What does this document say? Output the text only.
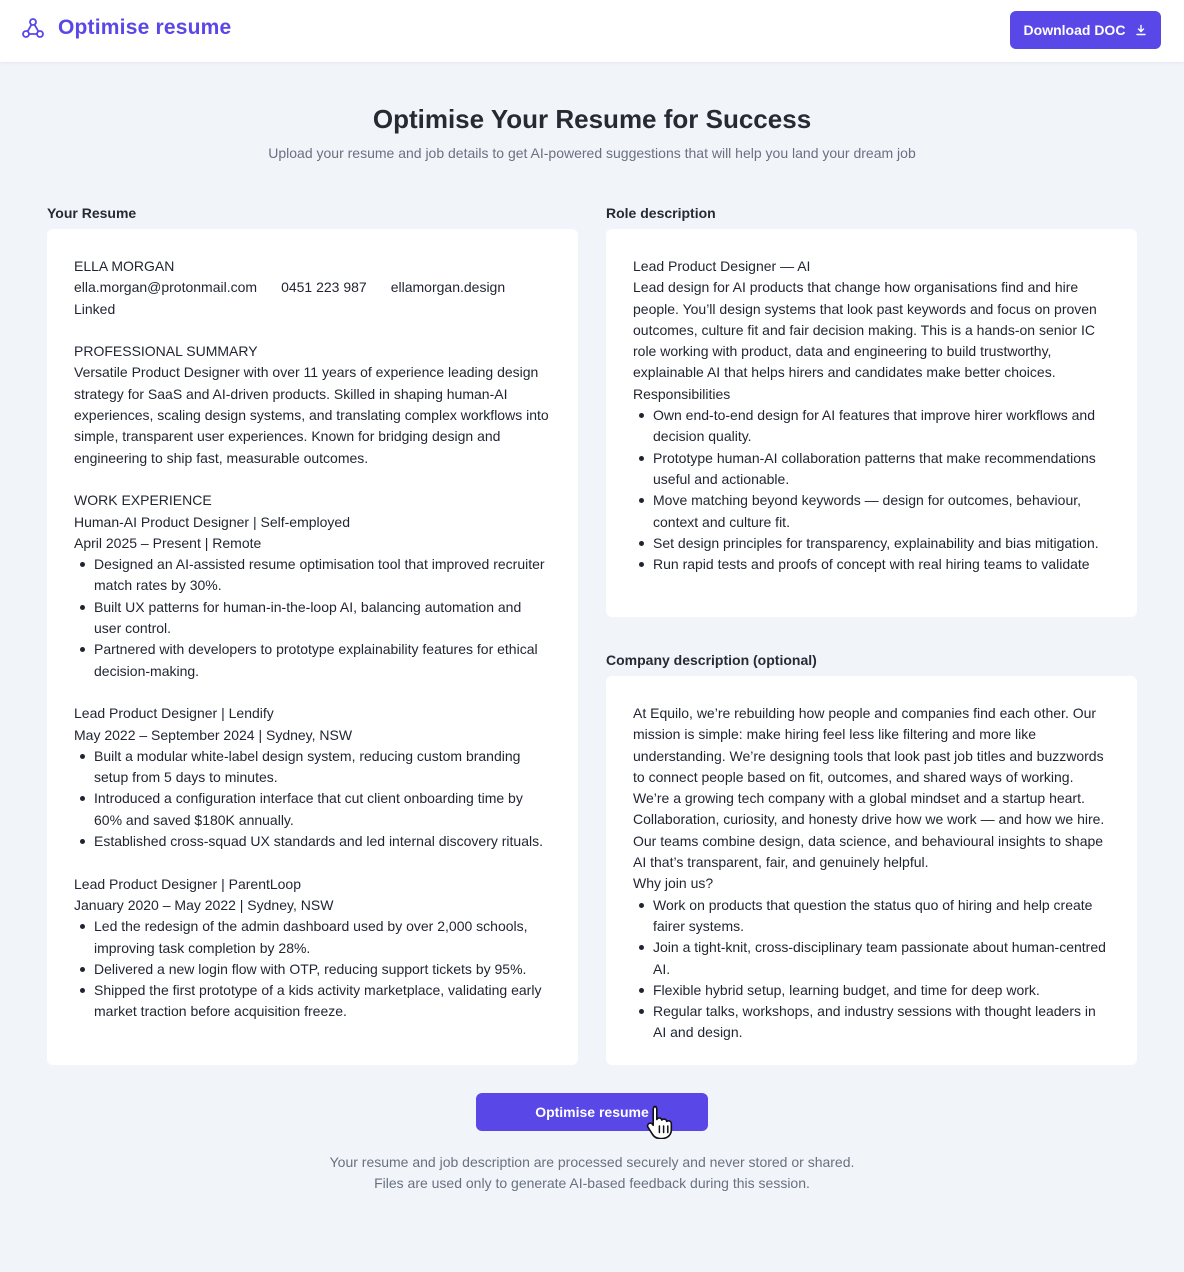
Optimise resume	Download DOC
Optimise Your Resume for Success

Upload your resume and job details to get AI-powered suggestions that will help you land your dream job

Your Resume

ELLA MORGAN

ella.morgan@protonmail.com 0451 223 987 ellamorgan.design

Linked

PROFESSIONAL SUMMARY

Versatile Product Designer with over 11 years of experience leading design strategy for SaaS and AI-driven products. Skilled in shaping human-AI experiences, scaling design systems, and translating complex workflows into simple, transparent user experiences. Known for bridging design and engineering to ship fast, measurable outcomes.

WORK EXPERIENCE

Human-AI Product Designer | Self-employed

April 2025 – Present | Remote

Designed an AI-assisted resume optimisation tool that improved recruiter match rates by 30%.
Built UX patterns for human-in-the-loop AI, balancing automation and user control.
Partnered with developers to prototype explainability features for ethical decision-making.

Lead Product Designer | Lendify

May 2022 – September 2024 | Sydney, NSW

Built a modular white-label design system, reducing custom branding setup from 5 days to minutes.
Introduced a configuration interface that cut client onboarding time by 60% and saved $180K annually.
Established cross-squad UX standards and led internal discovery rituals.

Lead Product Designer | ParentLoop

January 2020 – May 2022 | Sydney, NSW

Led the redesign of the admin dashboard used by over 2,000 schools, improving task completion by 28%.
Delivered a new login flow with OTP, reducing support tickets by 95%.
Shipped the first prototype of a kids activity marketplace, validating early market traction before acquisition freeze.
Role description

Lead Product Designer — AI

Lead design for AI products that change how organisations find and hire people. You’ll design systems that look past keywords and focus on proven outcomes, culture fit and fair decision making. This is a hands-on senior IC role working with product, data and engineering to build trustworthy, explainable AI that helps hirers and candidates make better choices.

Responsibilities

Own end-to-end design for AI features that improve hirer workflows and decision quality.
Prototype human-AI collaboration patterns that make recommendations useful and actionable.
Move matching beyond keywords — design for outcomes, behaviour, context and culture fit.
Set design principles for transparency, explainability and bias mitigation.
Run rapid tests and proofs of concept with real hiring teams to validate
Company description (optional)

At Equilo, we’re rebuilding how people and companies find each other. Our mission is simple: make hiring feel less like filtering and more like understanding. We’re designing tools that look past job titles and buzzwords to connect people based on fit, outcomes, and shared ways of working.

We’re a growing tech company with a global mindset and a startup heart. Collaboration, curiosity, and honesty drive how we work — and how we hire. Our teams combine design, data science, and behavioural insights to shape AI that’s transparent, fair, and genuinely helpful.

Why join us?

Work on products that question the status quo of hiring and help create fairer systems.
Join a tight-knit, cross-disciplinary team passionate about human-centred AI.
Flexible hybrid setup, learning budget, and time for deep work.
Regular talks, workshops, and industry sessions with thought leaders in AI and design.
Optimise resume

Your resume and job description are processed securely and never stored or shared.

Files are used only to generate AI-based feedback during this session.
